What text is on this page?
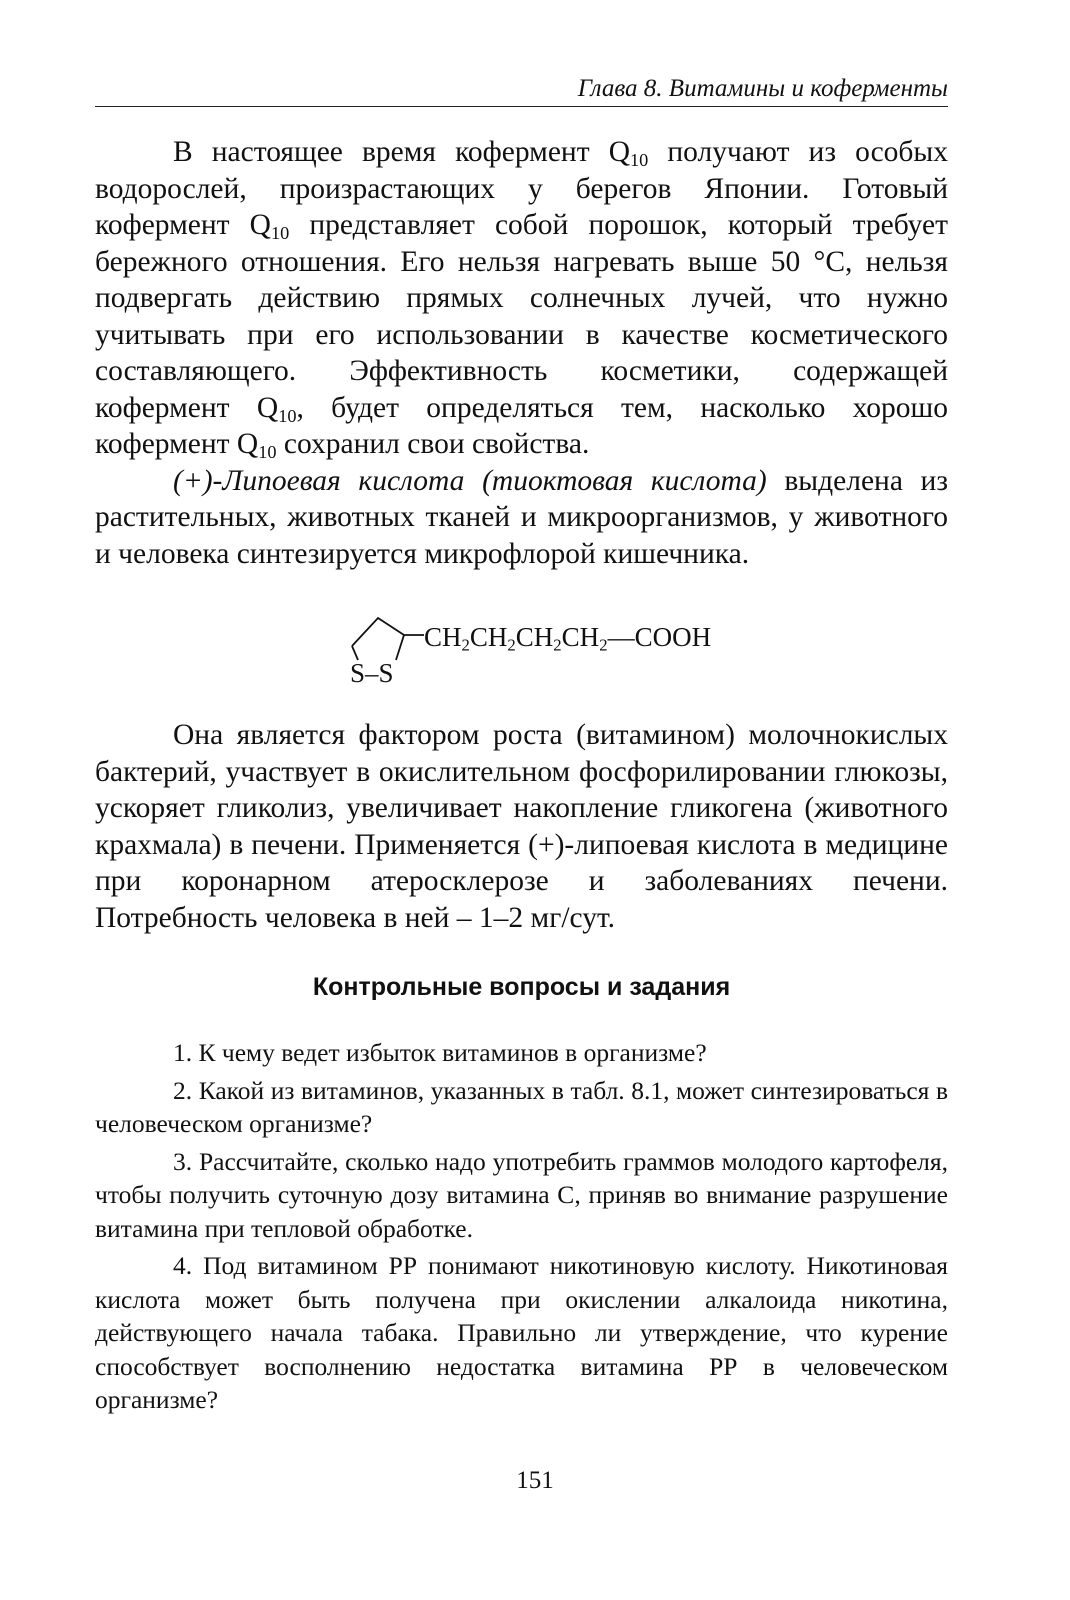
Глава 8. Витамины и коферменты

В настоящее время кофермент $Q_{10}$ получают из особых водорослей, произрастающих у берегов Японии. Готовый кофермент $Q_{10}$ представляет собой порошок, который требует бережного отношения. Его нельзя нагревать выше 50 °С, нельзя подвергать действию прямых солнечных лучей, что нужно учитывать при его использовании в качестве косметического составляющего. Эффективность косметики, содержащей кофермент $Q_{10}$, будет определяться тем, насколько хорошо кофермент $Q_{10}$ сохранил свои свойства.

(+)-Липоевая кислота (тиоктовая кислота) выделена из растительных, животных тканей и микроорганизмов, у животного и человека синтезируется микрофлорой кишечника.

$CH_2CH_2CH_2CH_2—COOH$
S–S

Она является фактором роста (витамином) молочнокислых бактерий, участвует в окислительном фосфорилировании глюкозы, ускоряет гликолиз, увеличивает накопление гликогена (животного крахмала) в печени. Применяется (+)-липоевая кислота в медицине при коронарном атеросклерозе и заболеваниях печени. Потребность человека в ней – 1–2 мг/сут.

Контрольные вопросы и задания

1. К чему ведет избыток витаминов в организме?

2. Какой из витаминов, указанных в табл. 8.1, может синтезироваться в человеческом организме?

3. Рассчитайте, сколько надо употребить граммов молодого картофеля, чтобы получить суточную дозу витамина С, приняв во внимание разрушение витамина при тепловой обработке.

4. Под витамином РР понимают никотиновую кислоту. Никотиновая кислота может быть получена при окислении алкалоида никотина, действующего начала табака. Правильно ли утверждение, что курение способствует восполнению недостатка витамина РР в человеческом организме?

151
